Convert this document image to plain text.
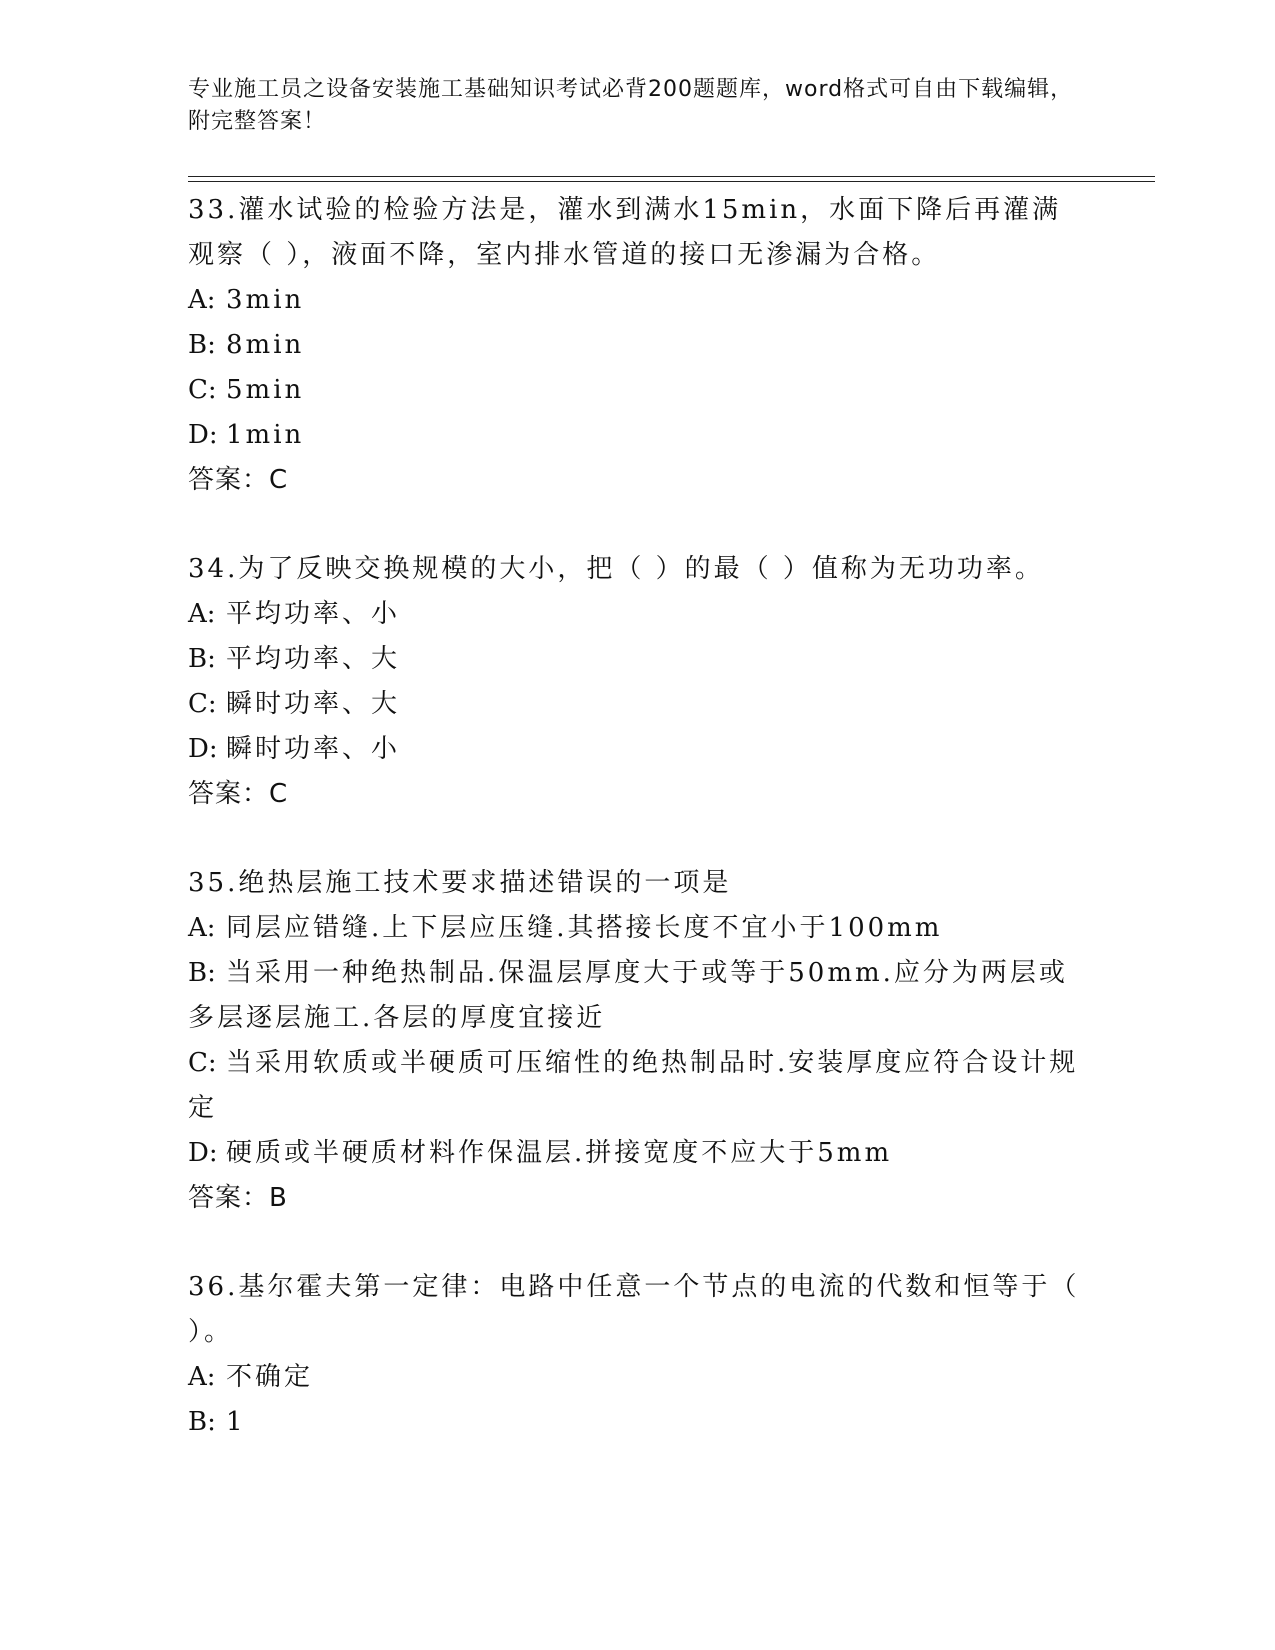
专业施工员之设备安装施工基础知识考试必背200题题库，word格式可自由下载编辑，附完整答案！

33.灌水试验的检验方法是，灌水到满水15min，水面下降后再灌满观察（ ），液面不降，室内排水管道的接口无渗漏为合格。

A: 3min

B: 8min

C: 5min

D: 1min

答案：C

34.为了反映交换规模的大小，把（ ）的最（ ）值称为无功功率。

A: 平均功率、小

B: 平均功率、大

C: 瞬时功率、大

D: 瞬时功率、小

答案：C

35.绝热层施工技术要求描述错误的一项是

A: 同层应错缝.上下层应压缝.其搭接长度不宜小于100mm

B: 当采用一种绝热制品.保温层厚度大于或等于50mm.应分为两层或多层逐层施工.各层的厚度宜接近

C: 当采用软质或半硬质可压缩性的绝热制品时.安装厚度应符合设计规定

D: 硬质或半硬质材料作保温层.拼接宽度不应大于5mm

答案：B

36.基尔霍夫第一定律：电路中任意一个节点的电流的代数和恒等于（ ）。

A: 不确定

B: 1
